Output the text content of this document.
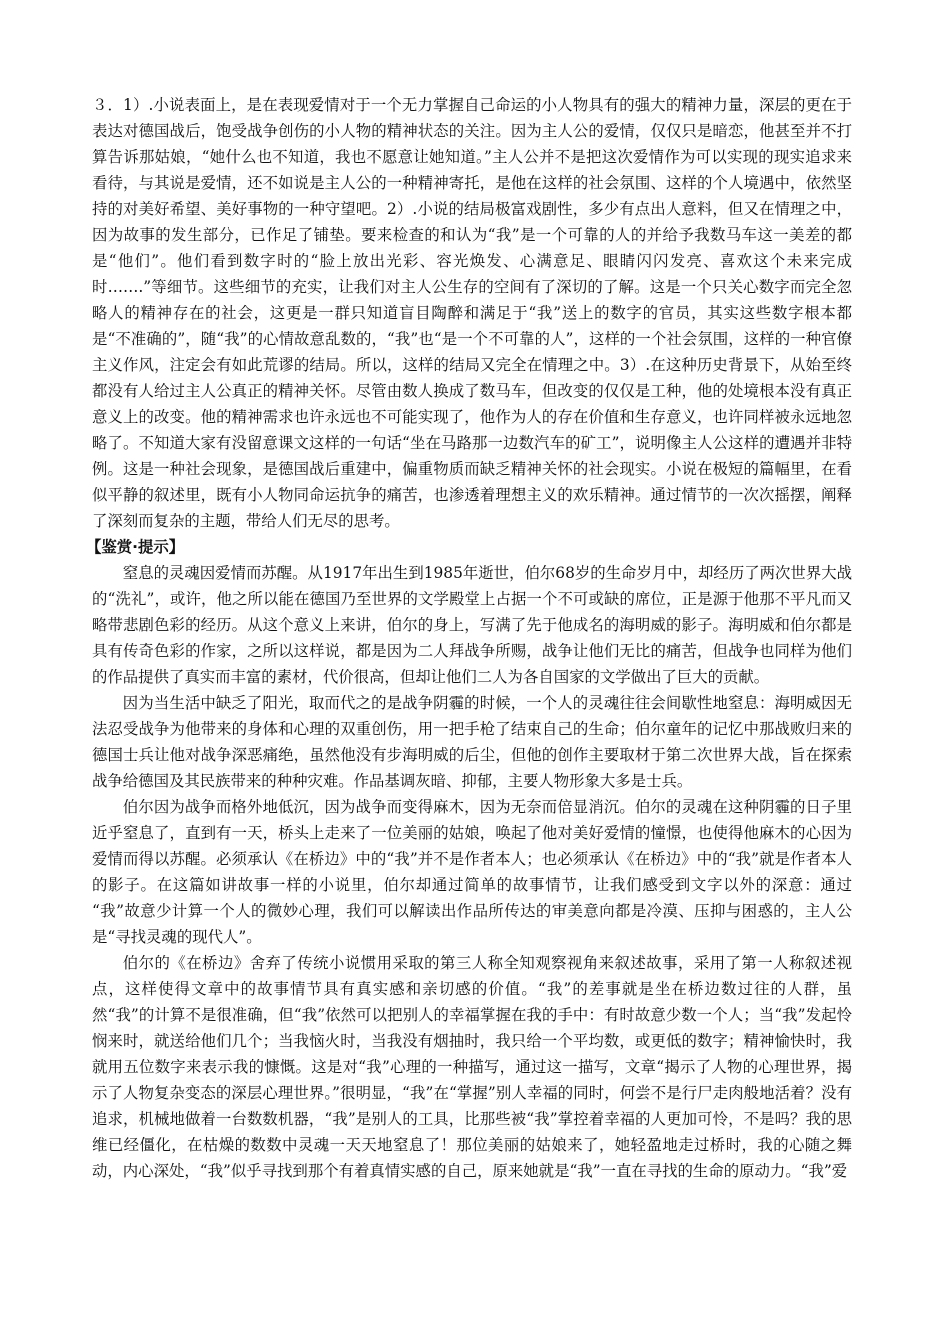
３．1）.小说表面上，是在表现爱情对于一个无力掌握自己命运的小人物具有的强大的精神力量，深层的更在于表达对德国战后，饱受战争创伤的小人物的精神状态的关注。因为主人公的爱情，仅仅只是暗恋，他甚至并不打算告诉那姑娘，“她什么也不知道，我也不愿意让她知道。”主人公并不是把这次爱情作为可以实现的现实追求来看待，与其说是爱情，还不如说是主人公的一种精神寄托，是他在这样的社会氛围、这样的个人境遇中，依然坚持的对美好希望、美好事物的一种守望吧。2）.小说的结局极富戏剧性，多少有点出人意料，但又在情理之中，因为故事的发生部分，已作足了铺垫。要来检查的和认为“我”是一个可靠的人的并给予我数马车这一美差的都是“他们”。他们看到数字时的“脸上放出光彩、容光焕发、心满意足、眼睛闪闪发亮、喜欢这个未来完成时…….”等细节。这些细节的充实，让我们对主人公生存的空间有了深切的了解。这是一个只关心数字而完全忽略人的精神存在的社会，这更是一群只知道盲目陶醉和满足于“我”送上的数字的官员，其实这些数字根本都是“不准确的”，随“我”的心情故意乱数的，“我”也“是一个不可靠的人”，这样的一个社会氛围，这样的一种官僚主义作风，注定会有如此荒谬的结局。所以，这样的结局又完全在情理之中。3）.在这种历史背景下，从始至终都没有人给过主人公真正的精神关怀。尽管由数人换成了数马车，但改变的仅仅是工种，他的处境根本没有真正意义上的改变。他的精神需求也许永远也不可能实现了，他作为人的存在价值和生存意义，也许同样被永远地忽略了。不知道大家有没留意课文这样的一句话“坐在马路那一边数汽车的矿工”，说明像主人公这样的遭遇并非特例。这是一种社会现象，是德国战后重建中，偏重物质而缺乏精神关怀的社会现实。小说在极短的篇幅里，在看似平静的叙述里，既有小人物同命运抗争的痛苦，也渗透着理想主义的欢乐精神。通过情节的一次次摇摆，阐释了深刻而复杂的主题，带给人们无尽的思考。

【鉴赏·提示】

窒息的灵魂因爱情而苏醒。从1917年出生到1985年逝世，伯尔68岁的生命岁月中，却经历了两次世界大战的“洗礼”，或许，他之所以能在德国乃至世界的文学殿堂上占据一个不可或缺的席位，正是源于他那不平凡而又略带悲剧色彩的经历。从这个意义上来讲，伯尔的身上，写满了先于他成名的海明威的影子。海明威和伯尔都是具有传奇色彩的作家，之所以这样说，都是因为二人拜战争所赐，战争让他们无比的痛苦，但战争也同样为他们的作品提供了真实而丰富的素材，代价很高，但却让他们二人为各自国家的文学做出了巨大的贡献。

因为当生活中缺乏了阳光，取而代之的是战争阴霾的时候，一个人的灵魂往往会间歇性地窒息：海明威因无法忍受战争为他带来的身体和心理的双重创伤，用一把手枪了结束自己的生命；伯尔童年的记忆中那战败归来的德国士兵让他对战争深恶痛绝，虽然他没有步海明威的后尘，但他的创作主要取材于第二次世界大战，旨在探索战争给德国及其民族带来的种种灾难。作品基调灰暗、抑郁，主要人物形象大多是士兵。

伯尔因为战争而格外地低沉，因为战争而变得麻木，因为无奈而倍显消沉。伯尔的灵魂在这种阴霾的日子里近乎窒息了，直到有一天，桥头上走来了一位美丽的姑娘，唤起了他对美好爱情的憧憬，也使得他麻木的心因为爱情而得以苏醒。必须承认《在桥边》中的“我”并不是作者本人；也必须承认《在桥边》中的“我”就是作者本人的影子。在这篇如讲故事一样的小说里，伯尔却通过简单的故事情节，让我们感受到文字以外的深意：通过 “我”故意少计算一个人的微妙心理，我们可以解读出作品所传达的审美意向都是冷漠、压抑与困惑的，主人公是“寻找灵魂的现代人”。

伯尔的《在桥边》舍弃了传统小说惯用采取的第三人称全知观察视角来叙述故事，采用了第一人称叙述视点，这样使得文章中的故事情节具有真实感和亲切感的价值。“我”的差事就是坐在桥边数过往的人群，虽然“我”的计算不是很准确，但“我”依然可以把别人的幸福掌握在我的手中：有时故意少数一个人；当“我”发起怜悯来时，就送给他们几个；当我恼火时，当我没有烟抽时，我只给一个平均数，或更低的数字；精神愉快时，我就用五位数字来表示我的慷慨。这是对“我”心理的一种描写，通过这一描写，文章“揭示了人物的心理世界，揭示了人物复杂变态的深层心理世界。”很明显，“我”在“掌握”别人幸福的同时，何尝不是行尸走肉般地活着？没有追求，机械地做着一台数数机器，“我”是别人的工具，比那些被“我”掌控着幸福的人更加可怜，不是吗？我的思维已经僵化，在枯燥的数数中灵魂一天天地窒息了！那位美丽的姑娘来了，她轻盈地走过桥时，我的心随之舞动，内心深处，“我”似乎寻找到那个有着真情实感的自己，原来她就是“我”一直在寻找的生命的原动力。“我”爱
